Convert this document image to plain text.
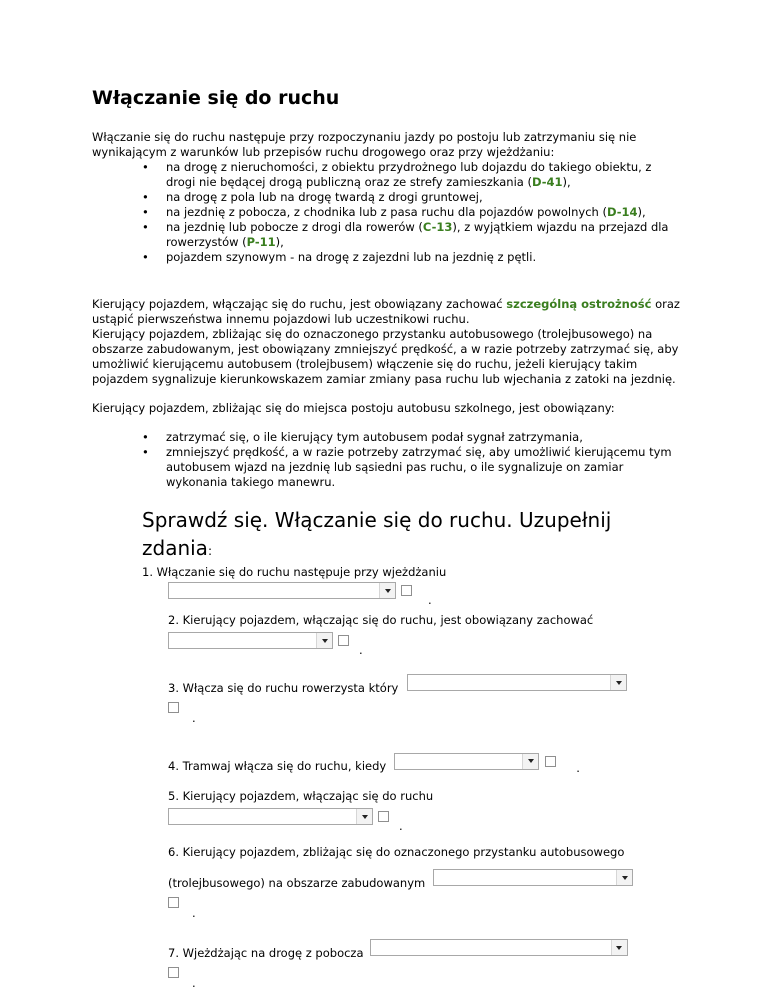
Włączanie się do ruchu

Włączanie się do ruchu następuje przy rozpoczynaniu jazdy po postoju lub zatrzymaniu się nie wynikającym z warunków lub przepisów ruchu drogowego oraz przy wjeżdżaniu:

• na drogę z nieruchomości, z obiektu przydrożnego lub dojazdu do takiego obiektu, z drogi nie będącej drogą publiczną oraz ze strefy zamieszkania (D-41),
• na drogę z pola lub na drogę twardą z drogi gruntowej,
• na jezdnię z pobocza, z chodnika lub z pasa ruchu dla pojazdów powolnych (D-14),
• na jezdnię lub pobocze z drogi dla rowerów (C-13), z wyjątkiem wjazdu na przejazd dla rowerzystów (P-11),
• pojazdem szynowym - na drogę z zajezdni lub na jezdnię z pętli.

Kierujący pojazdem, włączając się do ruchu, jest obowiązany zachować szczególną ostrożność oraz ustąpić pierwszeństwa innemu pojazdowi lub uczestnikowi ruchu.

Kierujący pojazdem, zbliżając się do oznaczonego przystanku autobusowego (trolejbusowego) na obszarze zabudowanym, jest obowiązany zmniejszyć prędkość, a w razie potrzeby zatrzymać się, aby umożliwić kierującemu autobusem (trolejbusem) włączenie się do ruchu, jeżeli kierujący takim pojazdem sygnalizuje kierunkowskazem zamiar zmiany pasa ruchu lub wjechania z zatoki na jezdnię.

Kierujący pojazdem, zbliżając się do miejsca postoju autobusu szkolnego, jest obowiązany:

• zatrzymać się, o ile kierujący tym autobusem podał sygnał zatrzymania,
• zmniejszyć prędkość, a w razie potrzeby zatrzymać się, aby umożliwić kierującemu tym autobusem wjazd na jezdnię lub sąsiedni pas ruchu, o ile sygnalizuje on zamiar wykonania takiego manewru.
Sprawdź się. Włączanie się do ruchu. Uzupełnij zdania:
1. Włączanie się do ruchu następuje przy wjeżdżaniu
.
2. Kierujący pojazdem, włączając się do ruchu, jest obowiązany zachować
.
3. Włącza się do ruchu rowerzysta który
.
4. Tramwaj włącza się do ruchu, kiedy	.
5. Kierujący pojazdem, włączając się do ruchu
.
6. Kierujący pojazdem, zbliżając się do oznaczonego przystanku autobusowego
(trolejbusowego) na obszarze zabudowanym
.
7. Wjeżdżając na drogę z pobocza
.
